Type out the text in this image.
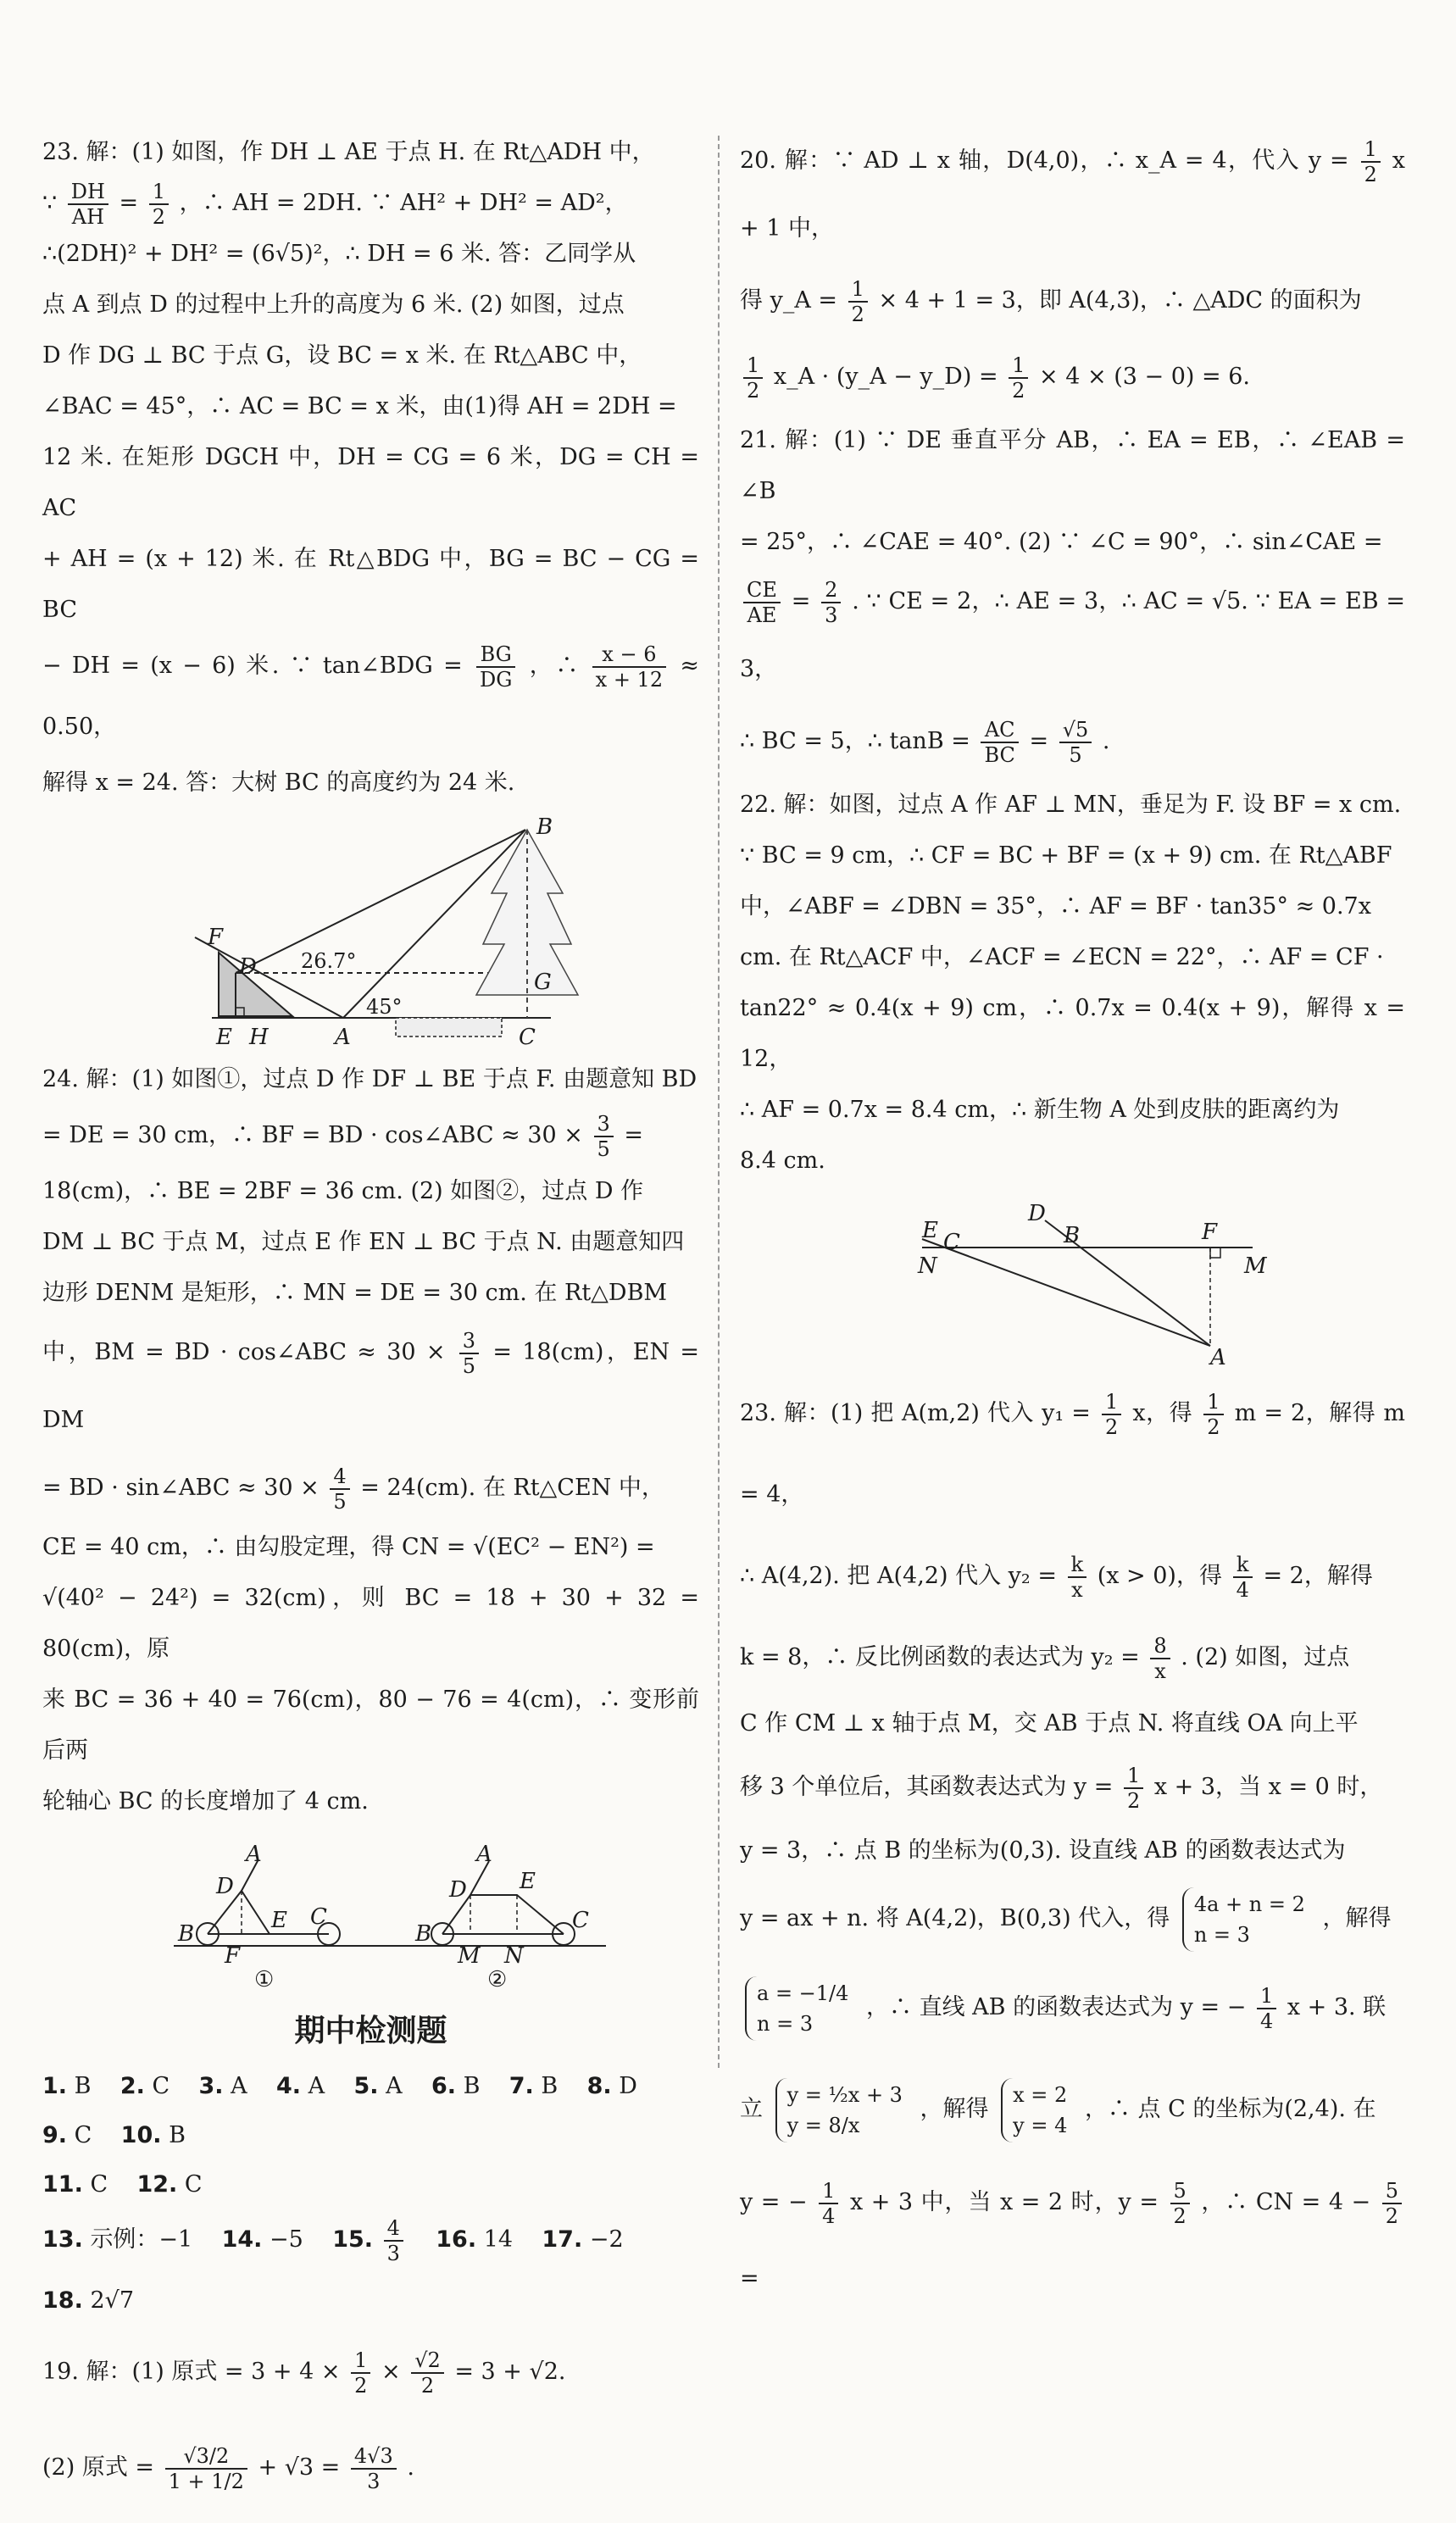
23. 解：(1) 如图，作 DH ⊥ AE 于点 H. 在 Rt△ADH 中，

∵ $\frac{DH}{AH} = \frac{1}{2}$ ，∴ AH = 2DH. ∵ AH² + DH² = AD²，

∴(2DH)² + DH² = (6√5)²，∴ DH = 6 米. 答：乙同学从

点 A 到点 D 的过程中上升的高度为 6 米. (2) 如图，过点

D 作 DG ⊥ BC 于点 G，设 BC = x 米. 在 Rt△ABC 中，

∠BAC = 45°，∴ AC = BC = x 米，由(1)得 AH = 2DH =

12 米. 在矩形 DGCH 中，DH = CG = 6 米，DG = CH = AC

+ AH = (x + 12) 米. 在 Rt△BDG 中，BG = BC − CG = BC

− DH = (x − 6) 米. ∵ tan∠BDG = $\frac{BG}{DG}$ ，∴ $\frac{x - 6}{x + 12} \approx 0.50$，

解得 x = 24. 答：大树 BC 的高度约为 24 米.

B
F
D
G
E H	A	C
26.7°
45°

24. 解：(1) 如图①，过点 D 作 DF ⊥ BE 于点 F. 由题意知 BD

= DE = 30 cm，∴ BF = BD · cos∠ABC ≈ $30 \times \frac{3}{5}$ =

18(cm)，∴ BE = 2BF = 36 cm. (2) 如图②，过点 D 作

DM ⊥ BC 于点 M，过点 E 作 EN ⊥ BC 于点 N. 由题意知四

边形 DENM 是矩形，∴ MN = DE = 30 cm. 在 Rt△DBM

中，BM = BD · cos∠ABC ≈ $30 \times \frac{3}{5} = 18(cm)$，EN = DM

= BD · sin∠ABC ≈ $30 \times \frac{4}{5} = 24(cm)$. 在 Rt△CEN 中，

CE = 40 cm，∴ 由勾股定理，得 CN = √(EC² − EN²) =

√(40² − 24²) = 32(cm)，则 BC = 18 + 30 + 32 = 80(cm)，原

来 BC = 36 + 40 = 76(cm)，80 − 76 = 4(cm)，∴ 变形前后两

轮轴心 BC 的长度增加了 4 cm.

A
D
E C
B
F
①
A
D E
B
M N
C
②
期中检测题

1. B 2. C 3. A 4. A 5. A 6. B 7. B 8. D    9. C 10. B

11. C 12. C

13. 示例：−1 14. −5 15. $\frac{4}{3} 16$. 14 17. −2    18. 2√7

19. 解：(1) 原式 = $3 + 4 \times \frac{1}{2} \times \frac{√2}{2} = 3 + √2$.

(2) 原式 = $\frac{√3/2}{1 + 1/2} + √3 = \frac{4√3}{3}$ .

20. 解：∵ AD ⊥ x 轴，D(4,0)，∴ x_A = 4，代入 $y = \frac{1}{2}$ x + 1 中，

得 y_A = $\frac{1}{2} \times 4 + 1 = 3$，即 A(4,3)，∴ △ADC 的面积为

$\frac{1}{2}$ x_A · (y_A − y_D) = $\frac{1}{2} \times 4 \times (3 - 0) = 6$.

21. 解：(1) ∵ DE 垂直平分 AB，∴ EA = EB，∴ ∠EAB = ∠B

= 25°，∴ ∠CAE = 40°. (2) ∵ ∠C = 90°，∴ sin∠CAE =

$\frac{CE}{AE} = \frac{2}{3}$ . ∵ CE = 2，∴ AE = 3，∴ AC = √5. ∵ EA = EB = 3，

∴ BC = 5，∴ $\tan B = \frac{AC}{BC} = \frac{√5}{5}$ .

22. 解：如图，过点 A 作 AF ⊥ MN，垂足为 F. 设 BF = x cm.

∵ BC = 9 cm，∴ CF = BC + BF = (x + 9) cm. 在 Rt△ABF

中，∠ABF = ∠DBN = 35°，∴ AF = BF · tan35° ≈ 0.7x

cm. 在 Rt△ACF 中，∠ACF = ∠ECN = 22°，∴ AF = CF ·

tan22° ≈ 0.4(x + 9) cm，∴ 0.7x = 0.4(x + 9)，解得 x = 12，

∴ AF = 0.7x = 8.4 cm，∴ 新生物 A 处到皮肤的距离约为

8.4 cm.

E C
N
D
B	F
M
A

23. 解：(1) 把 A(m,2) 代入 $y_1 = \frac{1}{2}$ x，得 $\frac{1}{2}$ m = 2，解得 m = 4，

∴ A(4,2). 把 A(4,2) 代入 $y_2 = \frac{k}{x} (x > 0)$，得 $\frac{k}{4} = 2$，解得

k = 8，∴ 反比例函数的表达式为 $y_2 = \frac{8}{x}$ . (2) 如图，过点

C 作 CM ⊥ x 轴于点 M，交 AB 于点 N. 将直线 OA 向上平

移 3 个单位后，其函数表达式为 $y = \frac{1}{2}$ x + 3，当 x = 0 时，

y = 3，∴ 点 B 的坐标为(0,3). 设直线 AB 的函数表达式为

y = ax + n. 将 A(4,2)，B(0,3) 代入，得 4a + n = 2
n = 3 ，解得

a = −1/4
n = 3 ，∴ 直线 AB 的函数表达式为 y = − $\frac{1}{4}$ x + 3. 联

立 y = ½x + 3
y = 8/x ，解得 x = 2
y = 4 ，∴ 点 C 的坐标为(2,4). 在

y = − $\frac{1}{4}$ x + 3 中，当 x = 2 时，$y = \frac{5}{2}$ ，∴ CN = $4 - \frac{5}{2}$
=
